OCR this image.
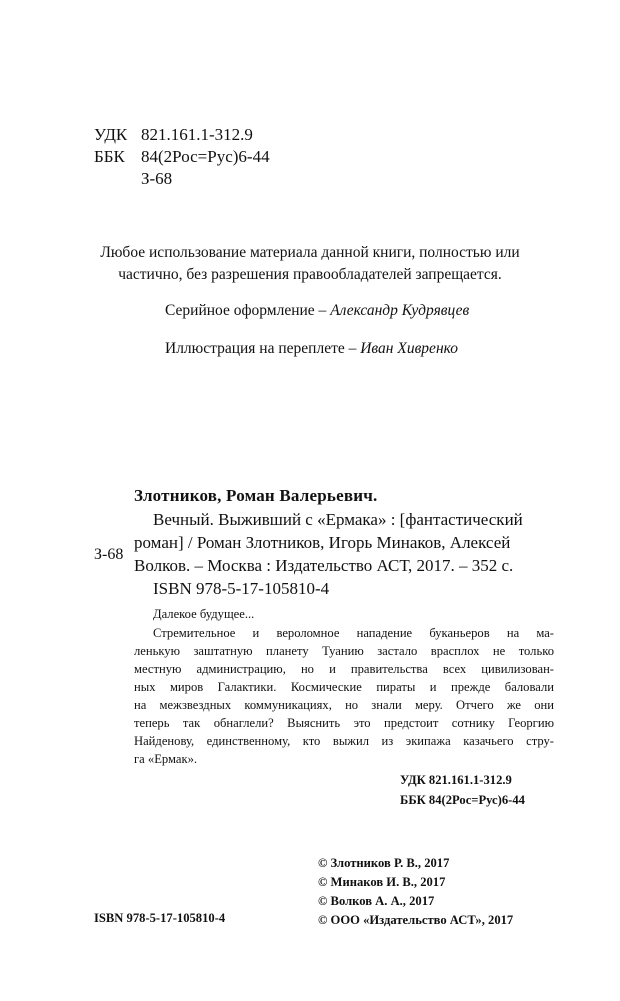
УДК 821.161.1-312.9
ББК 84(2Рос=Рус)6-44
З-68
Любое использование материала данной книги, полностью или
частично, без разрешения правообладателей запрещается.
Серийное оформление – Александр Кудрявцев
Иллюстрация на переплете – Иван Хивренко
Злотников, Роман Валерьевич.
Вечный. Выживший с «Ермака» : [фантастический
роман] / Роман Злотников, Игорь Минаков, Алексей
З-68
Волков. – Москва : Издательство АСТ, 2017. – 352 с.
ISBN 978-5-17-105810-4
Далекое будущее...
Стремительное и вероломное нападение буканьеров на ма-
ленькую заштатную планету Туанию застало врасплох не только
местную администрацию, но и правительства всех цивилизован-
ных миров Галактики. Космические пираты и прежде баловали
на межзвездных коммуникациях, но знали меру. Отчего же они
теперь так обнаглели? Выяснить это предстоит сотнику Георгию
Найденову, единственному, кто выжил из экипажа казачьего стру-
га «Ермак».
УДК 821.161.1-312.9
ББК 84(2Рос=Рус)6-44
© Злотников Р. В., 2017
© Минаков И. В., 2017
© Волков А. А., 2017
© ООО «Издательство АСТ», 2017
ISBN 978-5-17-105810-4
